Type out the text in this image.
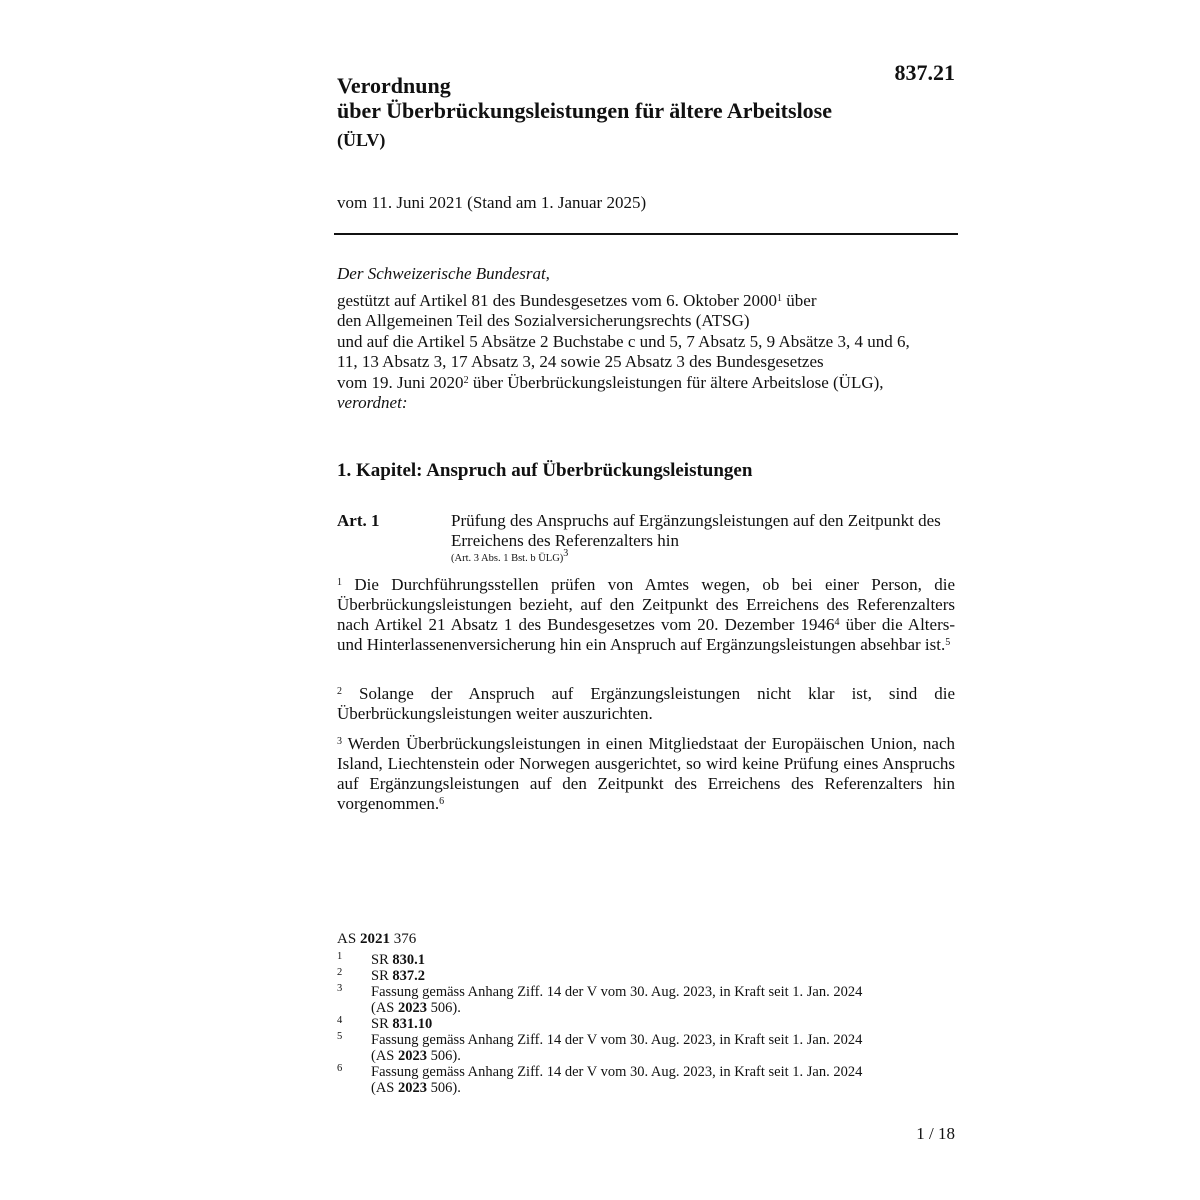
837.21
Verordnung
über Überbrückungsleistungen für ältere Arbeitslose
(ÜLV)
vom 11. Juni 2021 (Stand am 1. Januar 2025)
Der Schweizerische Bundesrat,
gestützt auf Artikel 81 des Bundesgesetzes vom 6. Oktober 2000$^1$ über
den Allgemeinen Teil des Sozialversicherungsrechts (ATSG)
und auf die Artikel 5 Absätze 2 Buchstabe c und 5, 7 Absatz 5, 9 Absätze 3, 4 und 6,
11, 13 Absatz 3, 17 Absatz 3, 24 sowie 25 Absatz 3 des Bundesgesetzes
vom 19. Juni 2020$^2$ über Überbrückungsleistungen für ältere Arbeitslose (ÜLG),
verordnet:
1. Kapitel: Anspruch auf Überbrückungsleistungen
Art. 1	Prüfung des Anspruchs auf Ergänzungsleistungen auf den Zeitpunkt des Erreichens des Referenzalters hin
(Art. 3 Abs. 1 Bst. b ÜLG)$^3$
$^1$ Die Durchführungsstellen prüfen von Amtes wegen, ob bei einer Person, die Überbrückungsleistungen bezieht, auf den Zeitpunkt des Erreichens des Referenzalters nach Artikel 21 Absatz 1 des Bundesgesetzes vom 20. Dezember 1946$^4$ über die Alters- und Hinterlassenenversicherung hin ein Anspruch auf Ergänzungsleistungen absehbar ist.$^5$
$^2$ Solange der Anspruch auf Ergänzungsleistungen nicht klar ist, sind die Überbrückungsleistungen weiter auszurichten.
$^3$ Werden Überbrückungsleistungen in einen Mitgliedstaat der Europäischen Union, nach Island, Liechtenstein oder Norwegen ausgerichtet, so wird keine Prüfung eines Anspruchs auf Ergänzungsleistungen auf den Zeitpunkt des Erreichens des Referenzalters hin vorgenommen.$^6$
AS 2021 376
1 SR 830.1
2 SR 837.2
3 Fassung gemäss Anhang Ziff. 14 der V vom 30. Aug. 2023, in Kraft seit 1. Jan. 2024
(AS 2023 506).
4 SR 831.10
5 Fassung gemäss Anhang Ziff. 14 der V vom 30. Aug. 2023, in Kraft seit 1. Jan. 2024
(AS 2023 506).
6 Fassung gemäss Anhang Ziff. 14 der V vom 30. Aug. 2023, in Kraft seit 1. Jan. 2024
(AS 2023 506).
1 / 18
